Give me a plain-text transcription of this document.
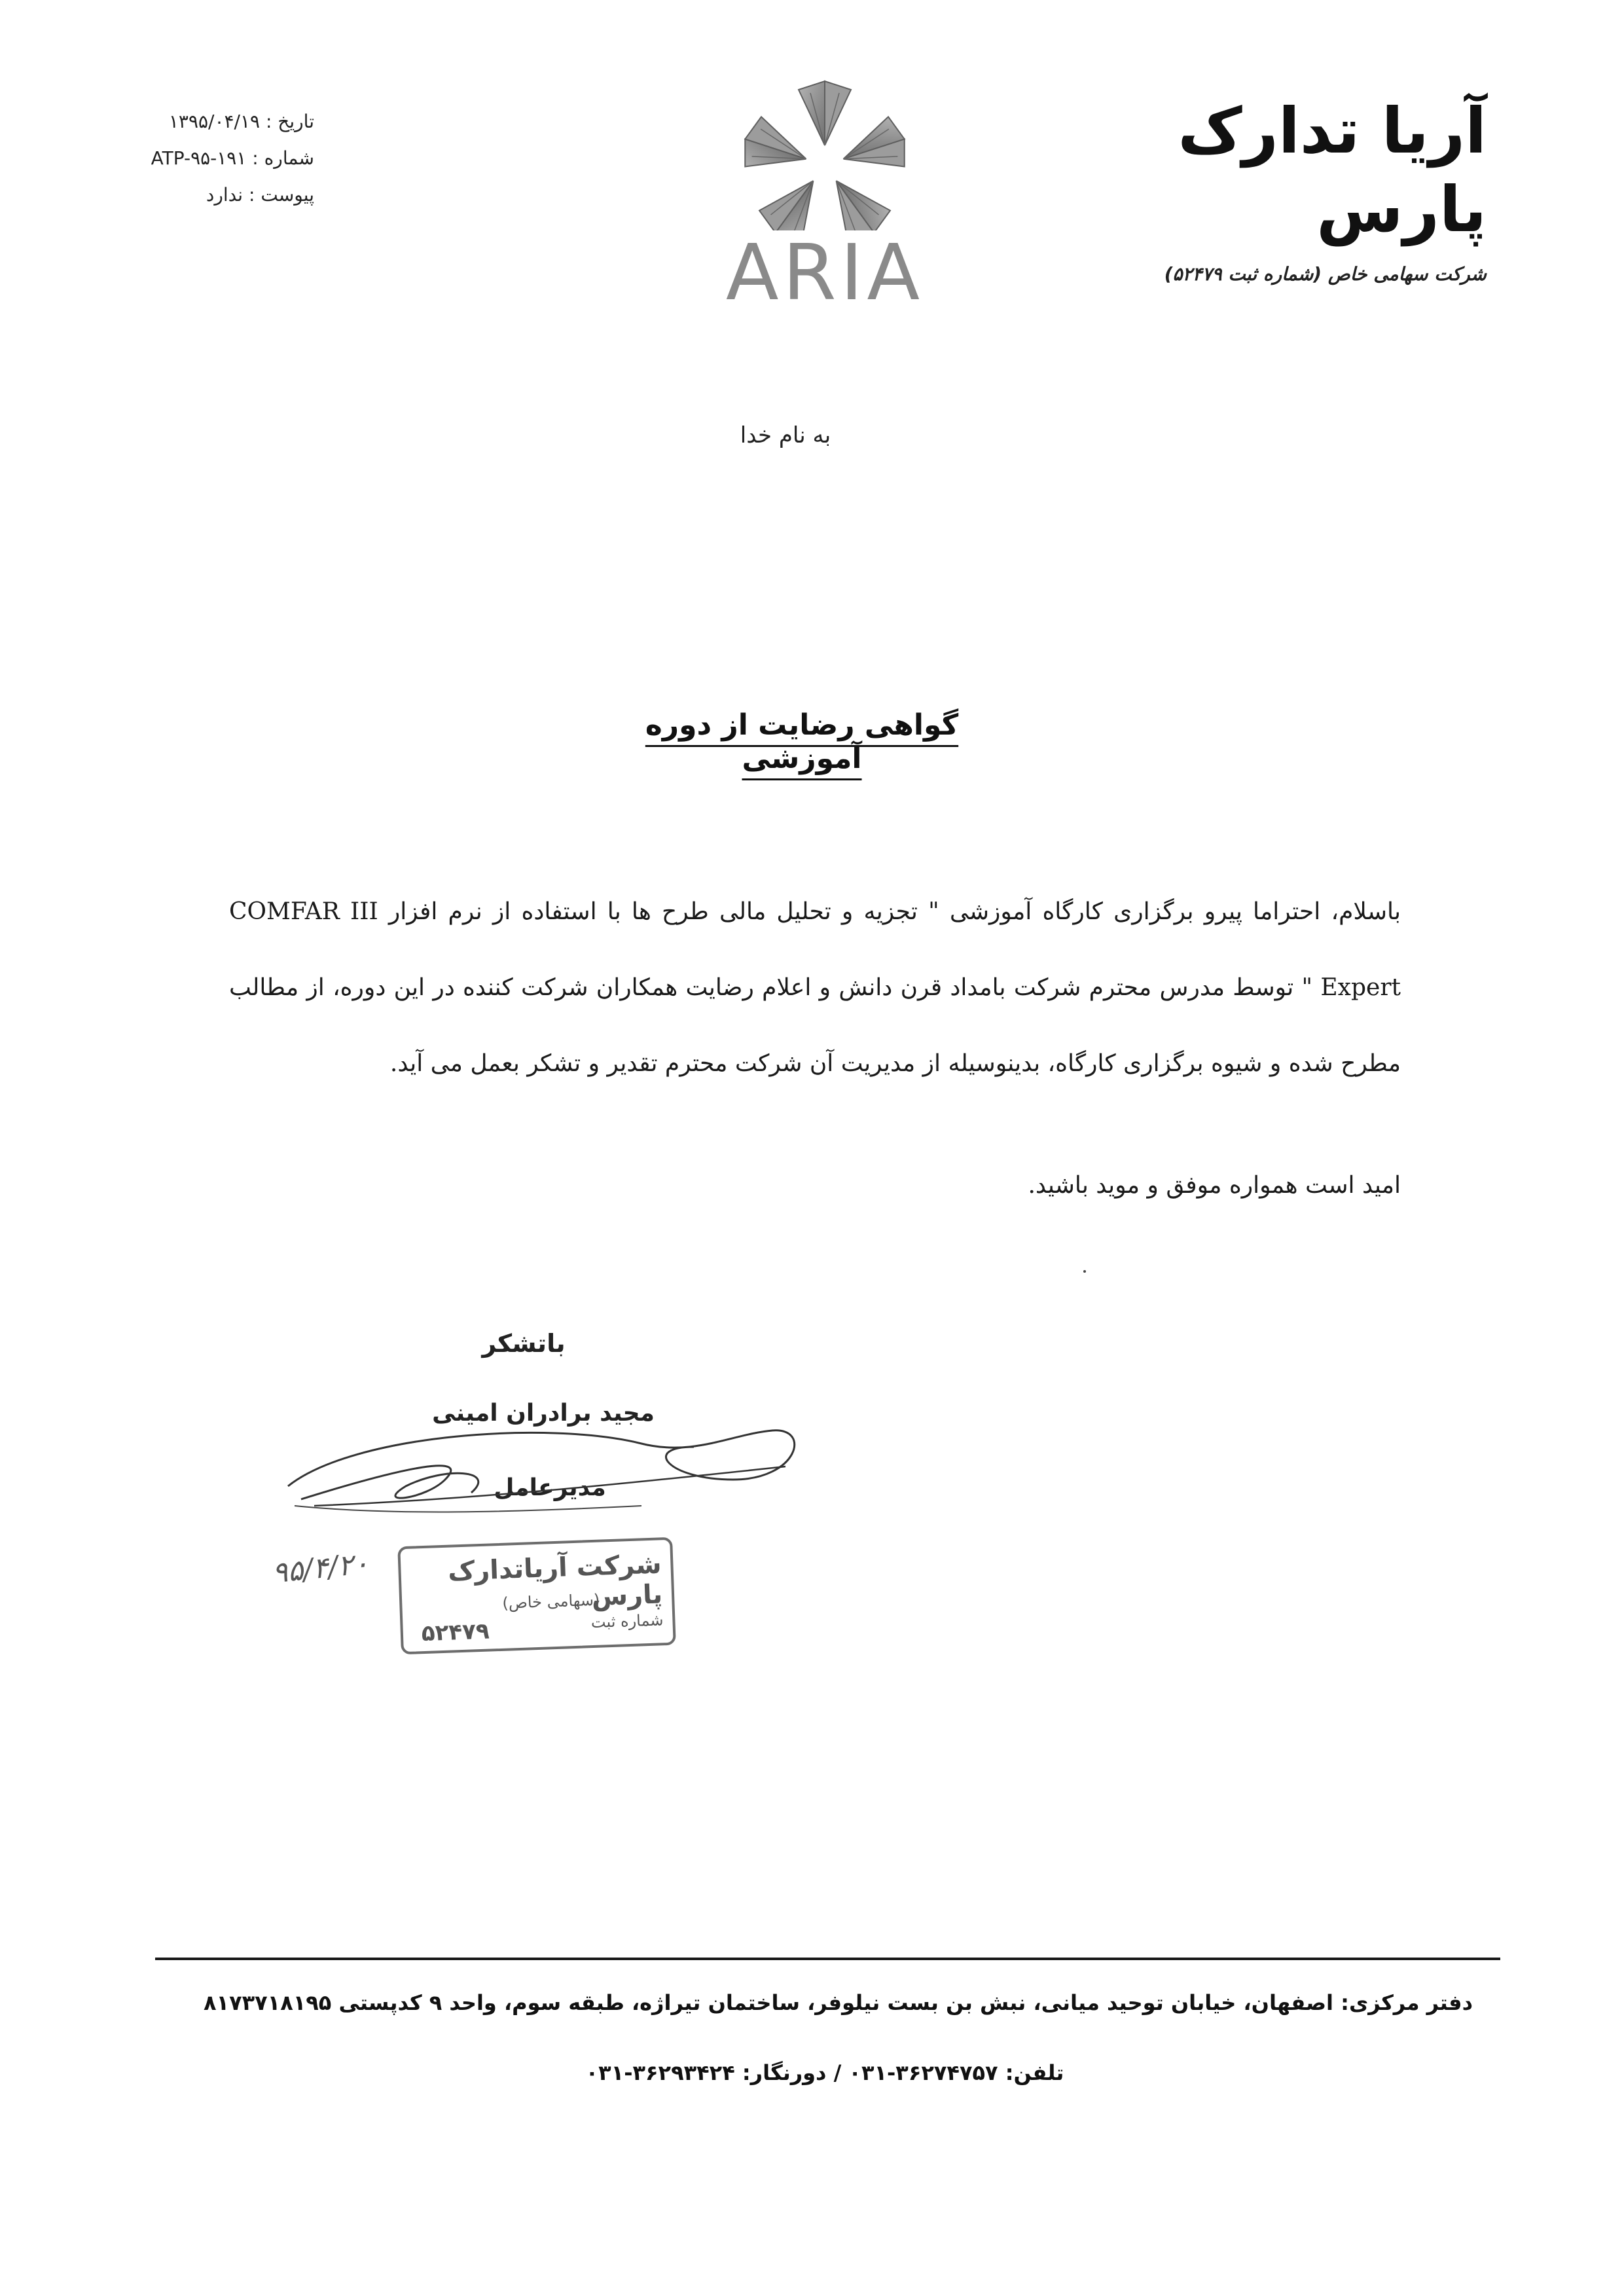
آریا تدارک پارس
شرکت سهامی خاص (شماره ثبت ۵۲۴۷۹)
ARIA
تاریخ : ۱۳۹۵/۰۴/۱۹
شماره : ۱۹۱-ATP-۹۵
پیوست : ندارد
به نام خدا
گواهی رضایت از دوره آموزشی
باسلام، احتراما پیرو برگزاری کارگاه آموزشی " تجزیه و تحلیل مالی طرح ها با استفاده از نرم افزار COMFAR III Expert " توسط مدرس محترم شرکت بامداد قرن دانش و اعلام رضایت همکاران شرکت کننده در این دوره، از مطالب مطرح شده و شیوه برگزاری کارگاه، بدینوسیله از مدیریت آن شرکت محترم تقدیر و تشکر بعمل می آید.
امید است همواره موفق و موید باشید.
باتشکر
مجید برادران امینی
مدیرعامل
۹۵/۴/۲۰	شرکت آریاتدارک پارس
(سهامی خاص)
شماره ثبت
۵۲۴۷۹
دفتر مرکزی: اصفهان، خیابان توحید میانی، نبش بن بست نیلوفر، ساختمان تیراژه، طبقه سوم، واحد ۹ کدپستی ۸۱۷۳۷۱۸۱۹۵
تلفن: ۳۶۲۷۴۷۵۷-۰۳۱ / دورنگار: ۳۶۲۹۳۴۲۴-۰۳۱
